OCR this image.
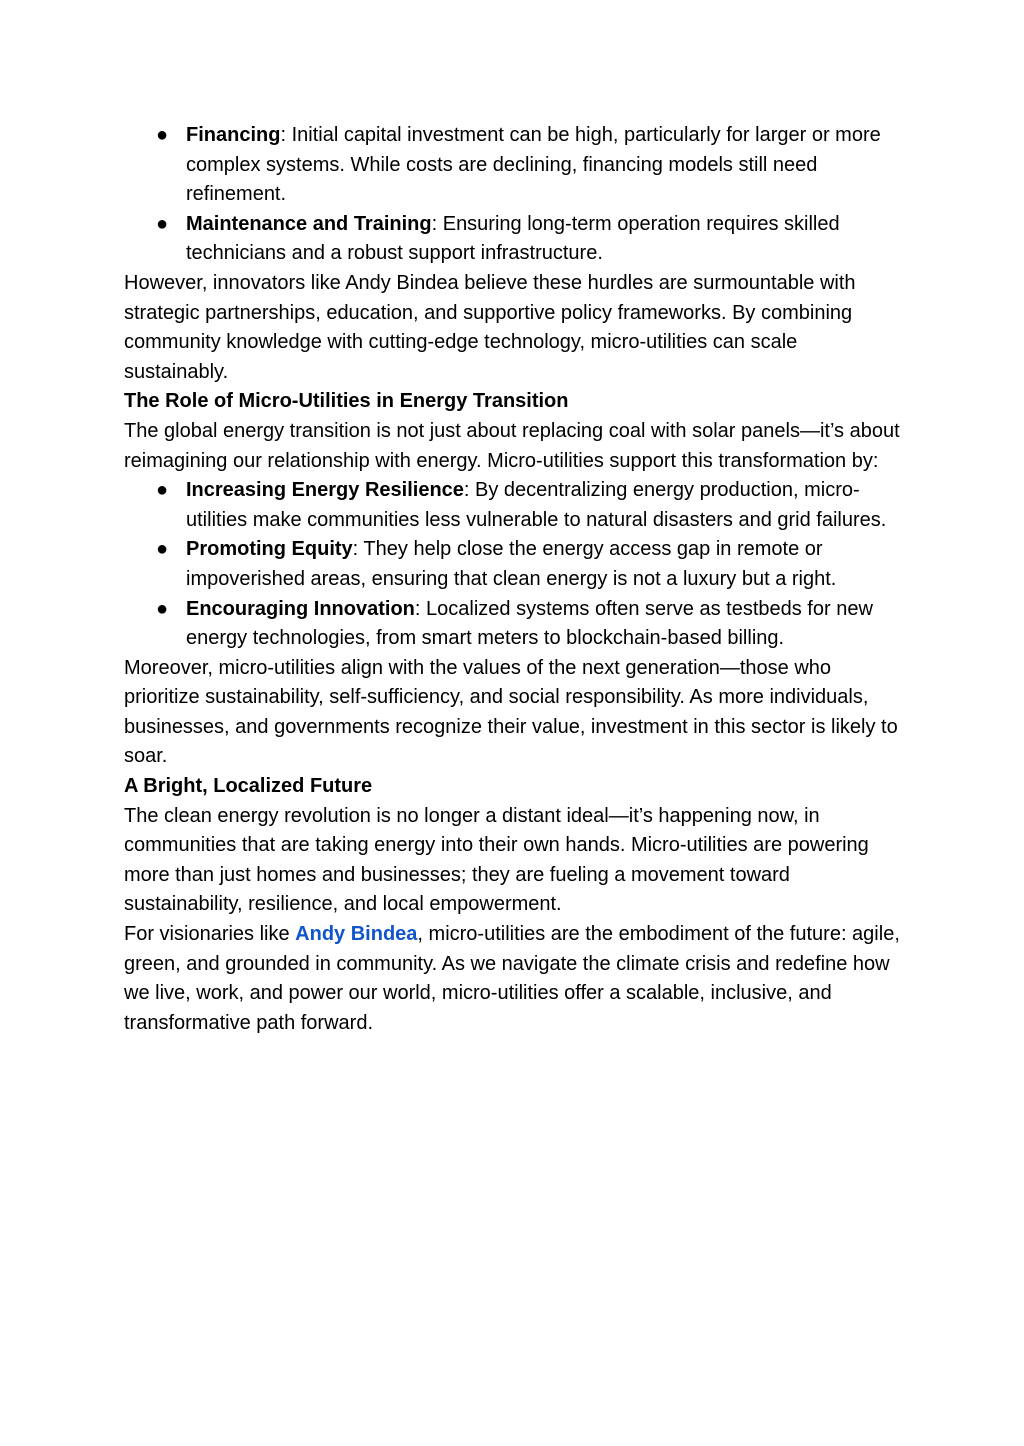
● Financing: Initial capital investment can be high, particularly for larger or more complex systems. While costs are declining, financing models still need refinement.
● Maintenance and Training: Ensuring long-term operation requires skilled technicians and a robust support infrastructure.

However, innovators like Andy Bindea believe these hurdles are surmountable with strategic partnerships, education, and supportive policy frameworks. By combining community knowledge with cutting-edge technology, micro-utilities can scale sustainably.

The Role of Micro-Utilities in Energy Transition

The global energy transition is not just about replacing coal with solar panels—it’s about reimagining our relationship with energy. Micro-utilities support this transformation by:

● Increasing Energy Resilience: By decentralizing energy production, micro-utilities make communities less vulnerable to natural disasters and grid failures.
● Promoting Equity: They help close the energy access gap in remote or impoverished areas, ensuring that clean energy is not a luxury but a right.
● Encouraging Innovation: Localized systems often serve as testbeds for new energy technologies, from smart meters to blockchain-based billing.

Moreover, micro-utilities align with the values of the next generation—those who prioritize sustainability, self-sufficiency, and social responsibility. As more individuals, businesses, and governments recognize their value, investment in this sector is likely to soar.

A Bright, Localized Future

The clean energy revolution is no longer a distant ideal—it’s happening now, in communities that are taking energy into their own hands. Micro-utilities are powering more than just homes and businesses; they are fueling a movement toward sustainability, resilience, and local empowerment.

For visionaries like Andy Bindea, micro-utilities are the embodiment of the future: agile, green, and grounded in community. As we navigate the climate crisis and redefine how we live, work, and power our world, micro-utilities offer a scalable, inclusive, and transformative path forward.
